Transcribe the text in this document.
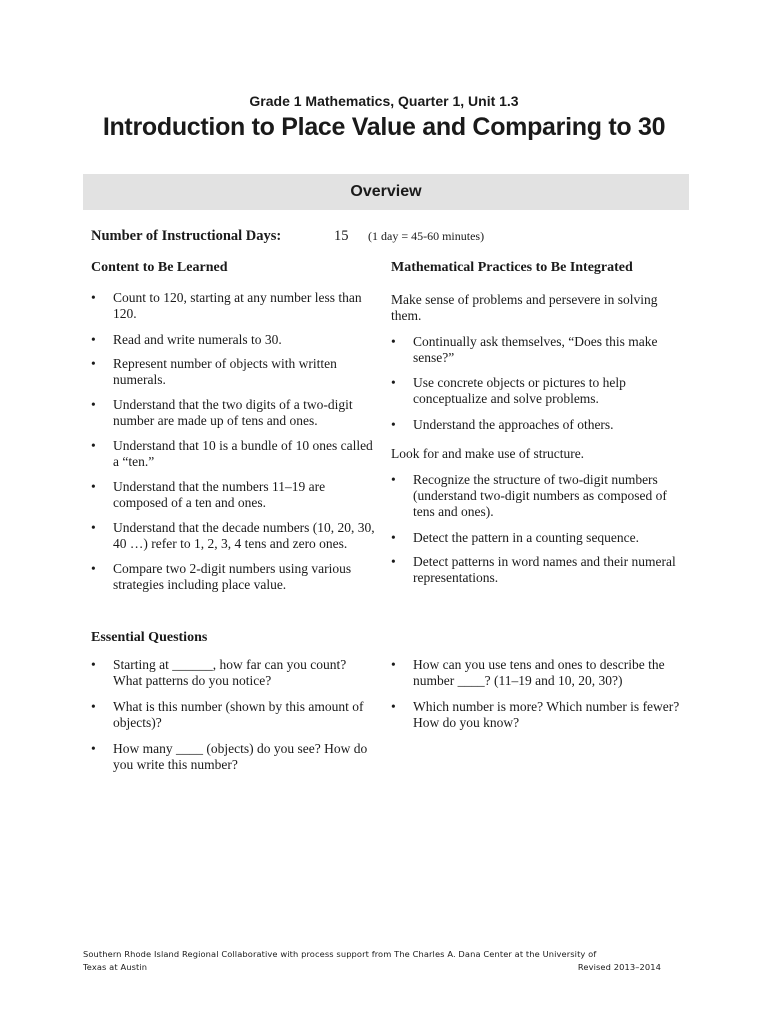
Grade 1 Mathematics, Quarter 1, Unit 1.3
Introduction to Place Value and Comparing to 30
Overview
Number of Instructional Days:	15 (1 day = 45-60 minutes)
Content to Be Learned
• Count to 120, starting at any number less than 120.
• Read and write numerals to 30.
• Represent number of objects with written numerals.
• Understand that the two digits of a two-digit number are made up of tens and ones.
• Understand that 10 is a bundle of 10 ones called a “ten.”
• Understand that the numbers 11–19 are composed of a ten and ones.
• Understand that the decade numbers (10, 20, 30, 40 …) refer to 1, 2, 3, 4 tens and zero ones.
• Compare two 2-digit numbers using various strategies including place value.
Mathematical Practices to Be Integrated

Make sense of problems and persevere in solving them.

• Continually ask themselves, “Does this make sense?”
• Use concrete objects or pictures to help conceptualize and solve problems.
• Understand the approaches of others.

Look for and make use of structure.

• Recognize the structure of two-digit numbers (understand two-digit numbers as composed of tens and ones).
• Detect the pattern in a counting sequence.
• Detect patterns in word names and their numeral representations.
Essential Questions
• Starting at ______, how far can you count? What patterns do you notice?
• What is this number (shown by this amount of objects)?
• How many ____ (objects) do you see? How do you write this number?
• How can you use tens and ones to describe the number ____? (11–19 and 10, 20, 30?)
• Which number is more? Which number is fewer? How do you know?
Southern Rhode Island Regional Collaborative with process support from The Charles A. Dana Center at the University of
Texas at Austin	Revised 2013–2014
